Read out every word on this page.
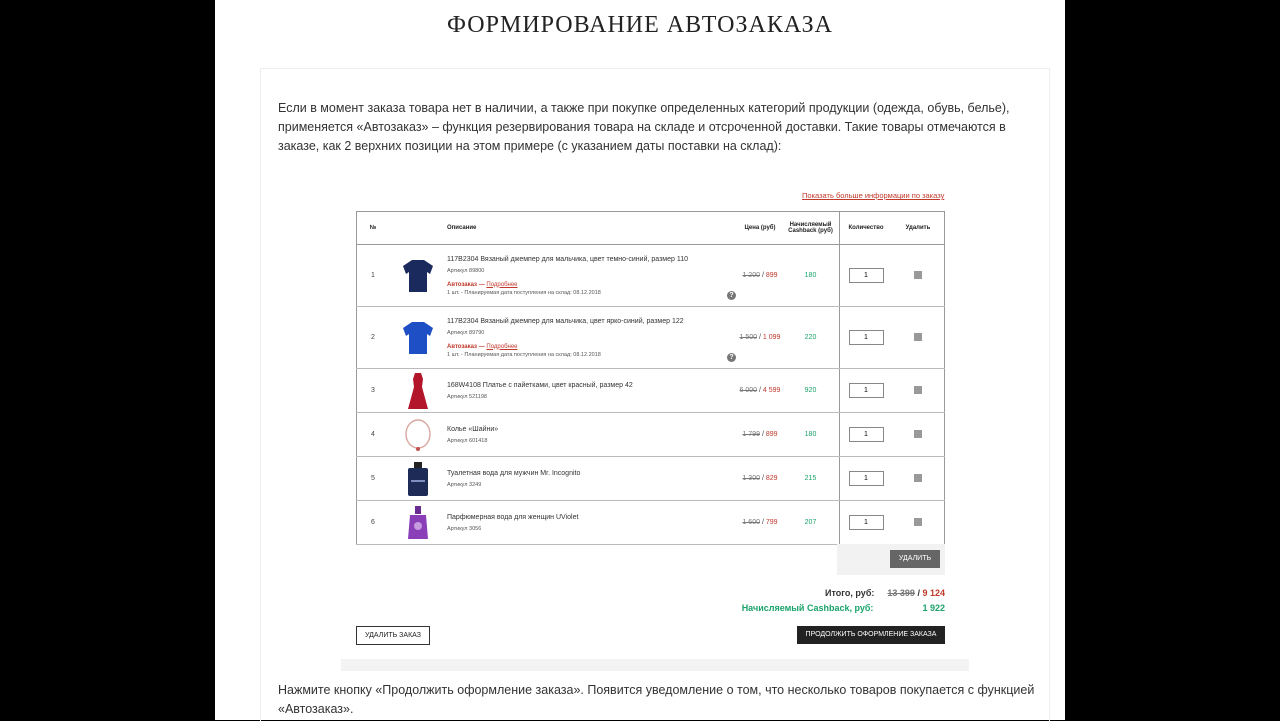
ФОРМИРОВАНИЕ АВТОЗАКАЗА
Если в момент заказа товара нет в наличии, а также при покупке определенных категорий продукции (одежда, обувь, белье), применяется «Автозаказ» – функция резервирования товара на складе и отсроченной доставки. Такие товары отмечаются в заказе, как 2 верхних позиции на этом примере (с указанием даты поставки на склад):
Показать больше информации по заказу
№		Описание	Цена (руб)	Начисляемый Cashback (руб)	Количество	Удалить
1		117B2304 Вязаный джемпер для мальчика, цвет темно-синий, размер 110
Артикул 89800
Автозаказ — Подробнее
1 шт. - Планируемая дата поступления на склад: 08.12.2018 ?	1 200 / 899	180	1	
2		117B2304 Вязаный джемпер для мальчика, цвет ярко-синий, размер 122
Артикул 89790
Автозаказ — Подробнее
1 шт. - Планируемая дата поступления на склад: 08.12.2018 ?	1 500 / 1 099	220	1	
3		168W4108 Платье с пайетками, цвет красный, размер 42
Артикул 521198	6 000 / 4 599	920	1	
4		Колье «Шайни»
Артикул 601418	1 799 / 899	180	1	
5		Туалетная вода для мужчин Mr. Incognito
Артикул 3249	1 300 / 829	215	1	
6		Парфюмерная вода для женщин UViolet
Артикул 3056	1 600 / 799	207	1	
УДАЛИТЬ
Итого, руб: 13 399 / 9 124
Начисляемый Cashback, руб:	1 922
УДАЛИТЬ ЗАКАЗ	ПРОДОЛЖИТЬ ОФОРМЛЕНИЕ ЗАКАЗА
Нажмите кнопку «Продолжить оформление заказа». Появится уведомление о том, что несколько товаров покупается с функцией «Автозаказ».
